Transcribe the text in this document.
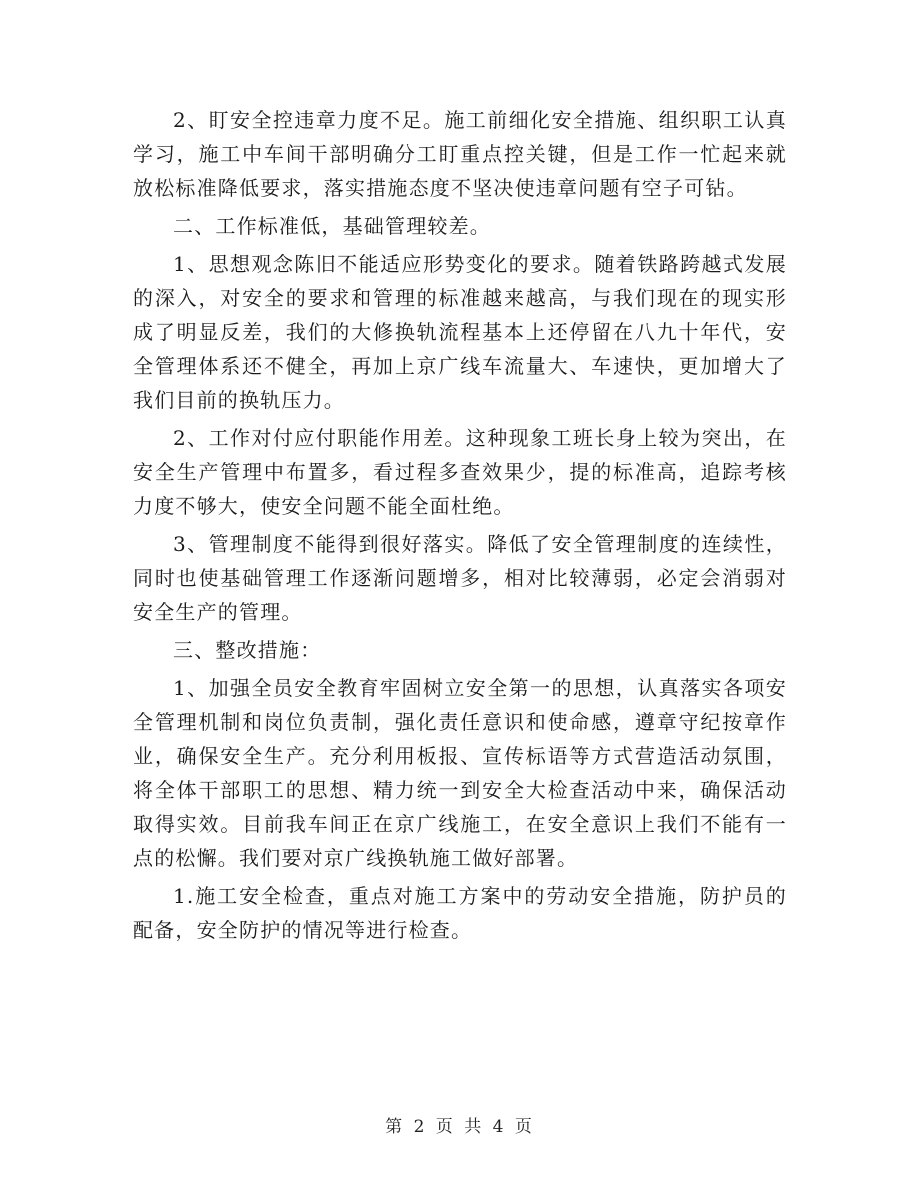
2、盯安全控违章力度不足。施工前细化安全措施、组织职工认真学习，施工中车间干部明确分工盯重点控关键，但是工作一忙起来就放松标准降低要求，落实措施态度不坚决使违章问题有空子可钻。

二、工作标准低，基础管理较差。

1、思想观念陈旧不能适应形势变化的要求。随着铁路跨越式发展的深入，对安全的要求和管理的标准越来越高，与我们现在的现实形成了明显反差，我们的大修换轨流程基本上还停留在八九十年代，安全管理体系还不健全，再加上京广线车流量大、车速快，更加增大了我们目前的换轨压力。

2、工作对付应付职能作用差。这种现象工班长身上较为突出，在安全生产管理中布置多，看过程多查效果少，提的标准高，追踪考核力度不够大，使安全问题不能全面杜绝。

3、管理制度不能得到很好落实。降低了安全管理制度的连续性，同时也使基础管理工作逐渐问题增多，相对比较薄弱，必定会消弱对安全生产的管理。

三、整改措施：

1、加强全员安全教育牢固树立安全第一的思想，认真落实各项安全管理机制和岗位负责制，强化责任意识和使命感，遵章守纪按章作业，确保安全生产。充分利用板报、宣传标语等方式营造活动氛围，将全体干部职工的思想、精力统一到安全大检查活动中来，确保活动取得实效。目前我车间正在京广线施工，在安全意识上我们不能有一点的松懈。我们要对京广线换轨施工做好部署。

1.施工安全检查，重点对施工方案中的劳动安全措施，防护员的配备，安全防护的情况等进行检查。

第 2 页 共 4 页
